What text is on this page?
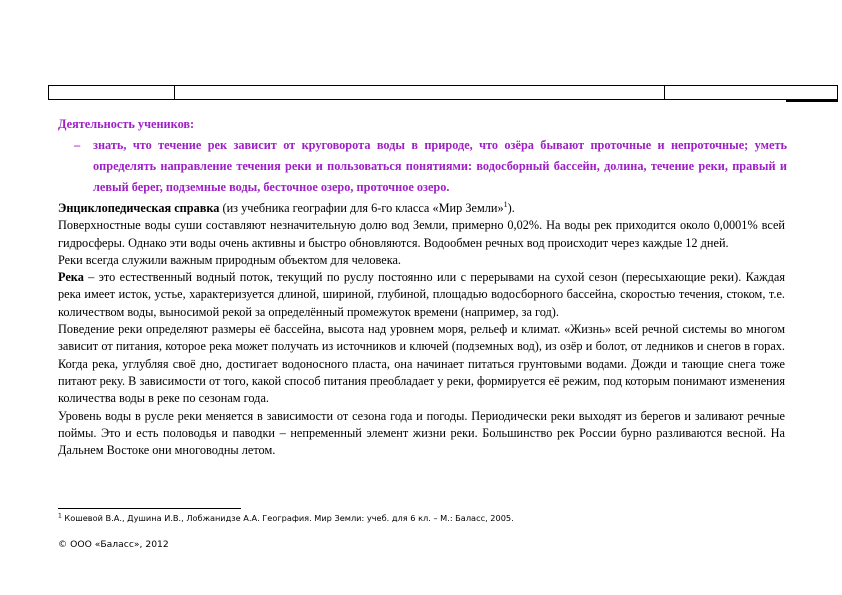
Деятельность учеников:

– знать, что течение рек зависит от круговорота воды в природе, что озёра бывают проточные и непроточные; уметь определять направление течения реки и пользоваться понятиями: водосборный бассейн, долина, течение реки, правый и левый берег, подземные воды, бесточное озеро, проточное озеро.

Энциклопедическая справка (из учебника географии для 6-го класса «Мир Земли»$^1$).

Поверхностные воды суши составляют незначительную долю вод Земли, примерно 0,02%. На воды рек приходится около 0,0001% всей гидросферы. Однако эти воды очень активны и быстро обновляются. Водообмен речных вод происходит через каждые 12 дней.

Реки всегда служили важным природным объектом для человека.

Река – это естественный водный поток, текущий по руслу постоянно или с перерывами на сухой сезон (пересыхающие реки). Каждая река имеет исток, устье, характеризуется длиной, шириной, глубиной, площадью водосборного бассейна, скоростью течения, стоком, т.е. количеством воды, выносимой рекой за определённый промежуток времени (например, за год).

Поведение реки определяют размеры её бассейна, высота над уровнем моря, рельеф и климат. «Жизнь» всей речной системы во многом зависит от питания, которое река может получать из источников и ключей (подземных вод), из озёр и болот, от ледников и снегов в горах. Когда река, углубляя своё дно, достигает водоносного пласта, она начинает питаться грунтовыми водами. Дожди и тающие снега тоже питают реку. В зависимости от того, какой способ питания преобладает у реки, формируется её режим, под которым понимают изменения количества воды в реке по сезонам года.

Уровень воды в русле реки меняется в зависимости от сезона года и погоды. Периодически реки выходят из берегов и заливают речные поймы. Это и есть половодья и паводки – непременный элемент жизни реки. Большинство рек России бурно разливаются весной. На Дальнем Востоке они многоводны летом.

$^1$ Кошевой В.А., Душина И.В., Лобжанидзе А.А. География. Мир Земли: учеб. для 6 кл. – М.: Баласс, 2005.
© ООО «Баласс», 2012
